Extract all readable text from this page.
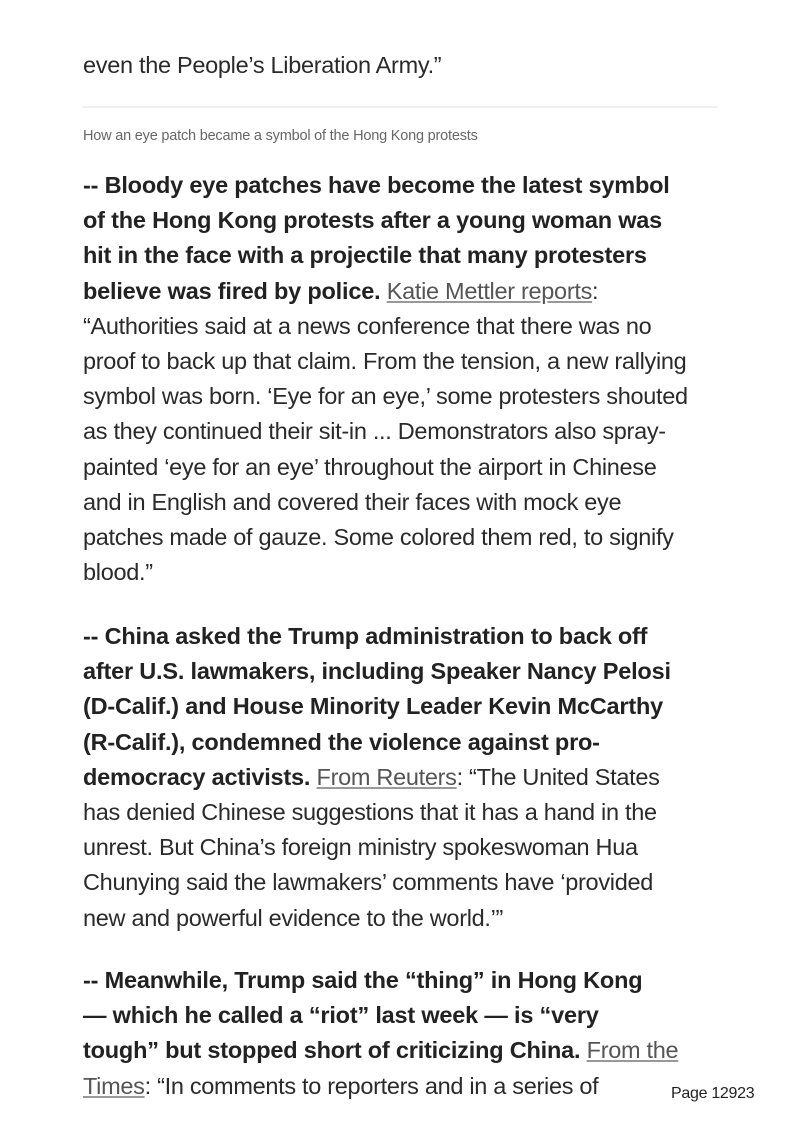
even the People’s Liberation Army.”
How an eye patch became a symbol of the Hong Kong protests
-- Bloody eye patches have become the latest symbol
of the Hong Kong protests after a young woman was
hit in the face with a projectile that many protesters
believe was fired by police. Katie Mettler reports:
“Authorities said at a news conference that there was no
proof to back up that claim. From the tension, a new rallying
symbol was born. ‘Eye for an eye,’ some protesters shouted
as they continued their sit-in ... Demonstrators also spray-
painted ‘eye for an eye’ throughout the airport in Chinese
and in English and covered their faces with mock eye
patches made of gauze. Some colored them red, to signify
blood.”
-- China asked the Trump administration to back off
after U.S. lawmakers, including Speaker Nancy Pelosi
(D-Calif.) and House Minority Leader Kevin McCarthy
(R-Calif.), condemned the violence against pro-
democracy activists. From Reuters: “The United States
has denied Chinese suggestions that it has a hand in the
unrest. But China’s foreign ministry spokeswoman Hua
Chunying said the lawmakers’ comments have ‘provided
new and powerful evidence to the world.’”
-- Meanwhile, Trump said the “thing” in Hong Kong
— which he called a “riot” last week — is “very
tough” but stopped short of criticizing China. From the
Times: “In comments to reporters and in a series of	Page 12923
